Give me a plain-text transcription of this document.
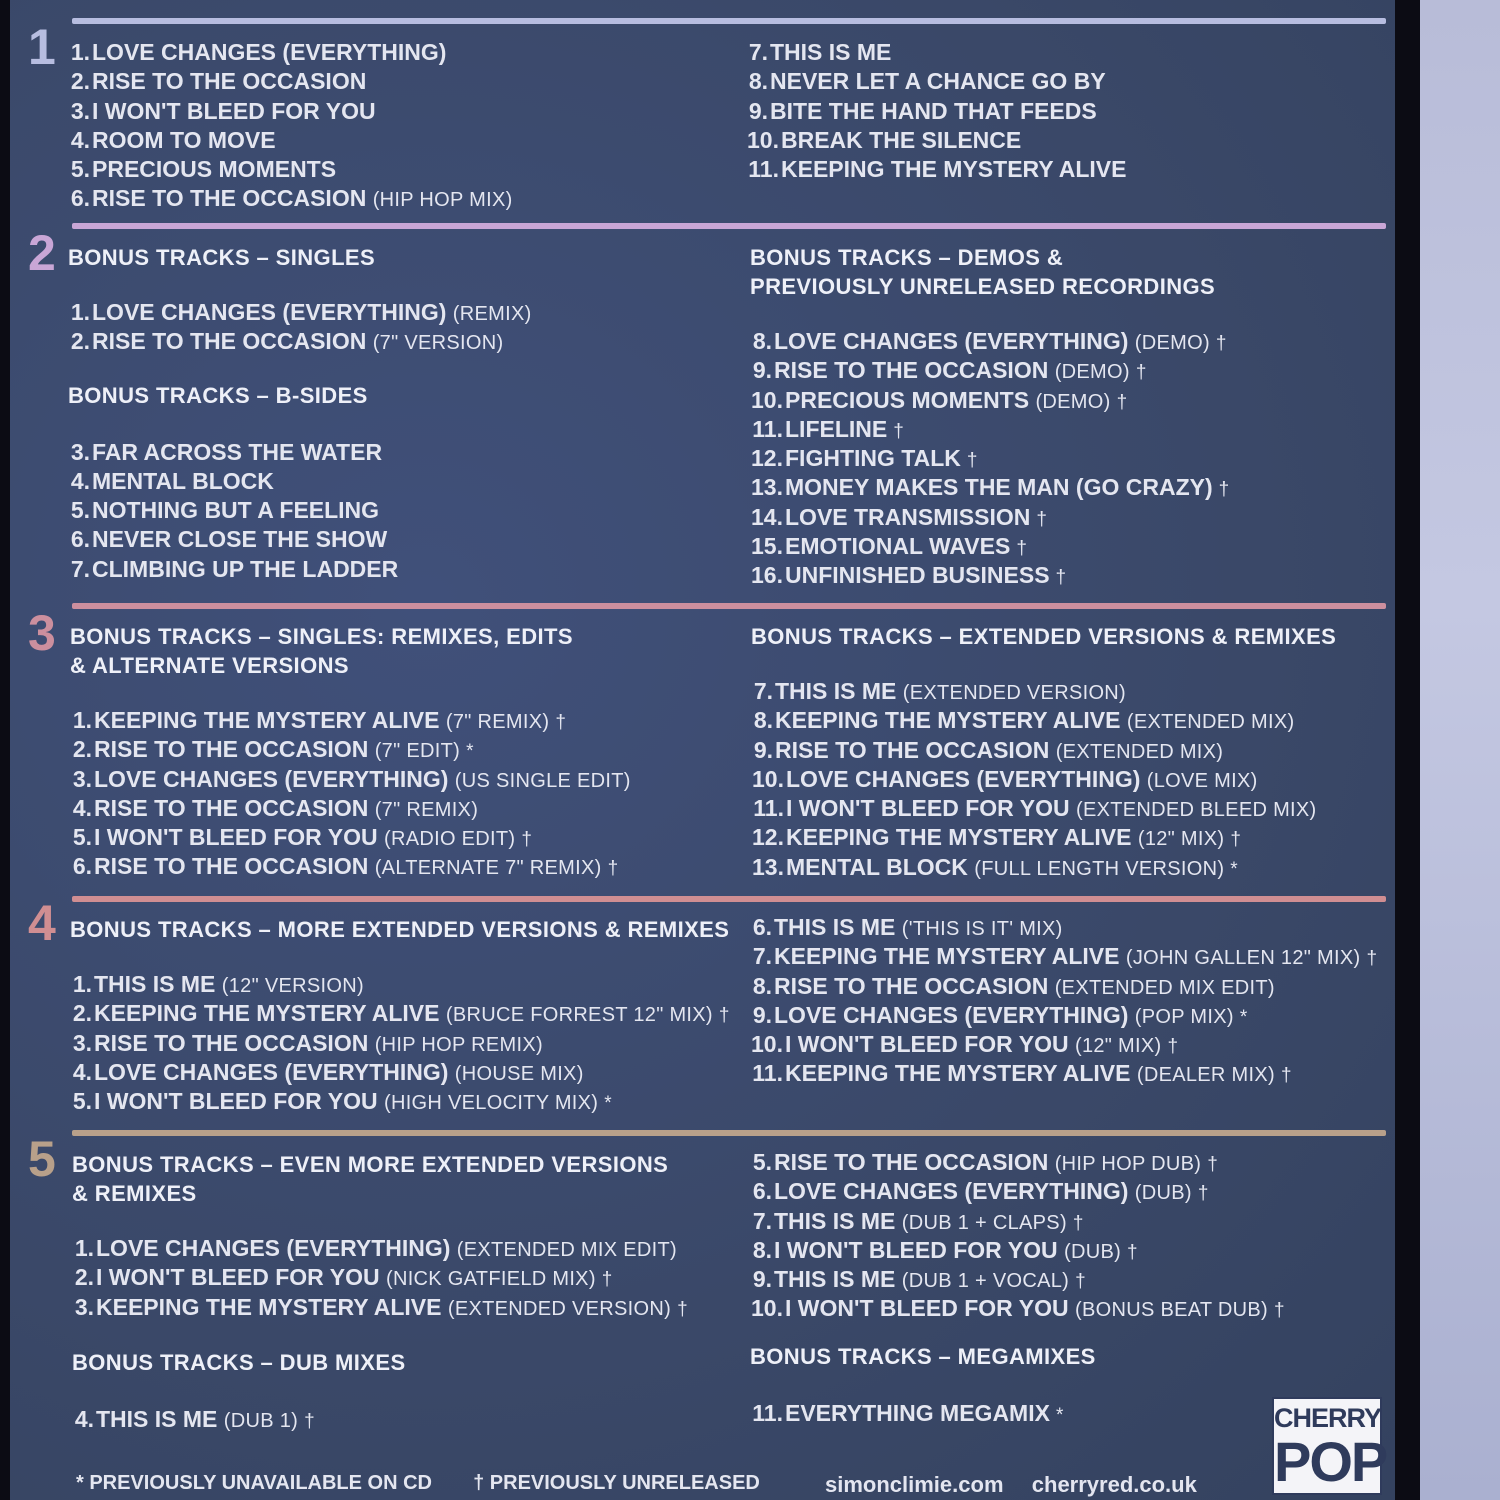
1
2
3
4
5
1.LOVE CHANGES (EVERYTHING)
2.RISE TO THE OCCASION
3.I WON'T BLEED FOR YOU
4.ROOM TO MOVE
5.PRECIOUS MOMENTS
6.RISE TO THE OCCASION (HIP HOP MIX)
7.THIS IS ME
8.NEVER LET A CHANCE GO BY
9.BITE THE HAND THAT FEEDS
10.BREAK THE SILENCE
11.KEEPING THE MYSTERY ALIVE
BONUS TRACKS – SINGLES
1.LOVE CHANGES (EVERYTHING) (REMIX)
2.RISE TO THE OCCASION (7" VERSION)
BONUS TRACKS – B-SIDES
3.FAR ACROSS THE WATER
4.MENTAL BLOCK
5.NOTHING BUT A FEELING
6.NEVER CLOSE THE SHOW
7.CLIMBING UP THE LADDER
BONUS TRACKS – DEMOS &
PREVIOUSLY UNRELEASED RECORDINGS
8.LOVE CHANGES (EVERYTHING) (DEMO) †
9.RISE TO THE OCCASION (DEMO) †
10.PRECIOUS MOMENTS (DEMO) †
11.LIFELINE †
12.FIGHTING TALK †
13.MONEY MAKES THE MAN (GO CRAZY) †
14.LOVE TRANSMISSION †
15.EMOTIONAL WAVES †
16.UNFINISHED BUSINESS †
BONUS TRACKS – SINGLES: REMIXES, EDITS
& ALTERNATE VERSIONS
1.KEEPING THE MYSTERY ALIVE (7" REMIX) †
2.RISE TO THE OCCASION (7" EDIT) *
3.LOVE CHANGES (EVERYTHING) (US SINGLE EDIT)
4.RISE TO THE OCCASION (7" REMIX)
5.I WON'T BLEED FOR YOU (RADIO EDIT) †
6.RISE TO THE OCCASION (ALTERNATE 7" REMIX) †
BONUS TRACKS – EXTENDED VERSIONS & REMIXES
7.THIS IS ME (EXTENDED VERSION)
8.KEEPING THE MYSTERY ALIVE (EXTENDED MIX)
9.RISE TO THE OCCASION (EXTENDED MIX)
10.LOVE CHANGES (EVERYTHING) (LOVE MIX)
11.I WON'T BLEED FOR YOU (EXTENDED BLEED MIX)
12.KEEPING THE MYSTERY ALIVE (12" MIX) †
13.MENTAL BLOCK (FULL LENGTH VERSION) *
BONUS TRACKS – MORE EXTENDED VERSIONS & REMIXES
1.THIS IS ME (12" VERSION)
2.KEEPING THE MYSTERY ALIVE (BRUCE FORREST 12" MIX) †
3.RISE TO THE OCCASION (HIP HOP REMIX)
4.LOVE CHANGES (EVERYTHING) (HOUSE MIX)
5.I WON'T BLEED FOR YOU (HIGH VELOCITY MIX) *
6.THIS IS ME ('THIS IS IT' MIX)
7.KEEPING THE MYSTERY ALIVE (JOHN GALLEN 12" MIX) †
8.RISE TO THE OCCASION (EXTENDED MIX EDIT)
9.LOVE CHANGES (EVERYTHING) (POP MIX) *
10.I WON'T BLEED FOR YOU (12" MIX) †
11.KEEPING THE MYSTERY ALIVE (DEALER MIX) †
BONUS TRACKS – EVEN MORE EXTENDED VERSIONS
& REMIXES
1.LOVE CHANGES (EVERYTHING) (EXTENDED MIX EDIT)
2.I WON'T BLEED FOR YOU (NICK GATFIELD MIX) †
3.KEEPING THE MYSTERY ALIVE (EXTENDED VERSION) †
BONUS TRACKS – DUB MIXES
4.THIS IS ME (DUB 1) †
5.RISE TO THE OCCASION (HIP HOP DUB) †
6.LOVE CHANGES (EVERYTHING) (DUB) †
7.THIS IS ME (DUB 1 + CLAPS) †
8.I WON'T BLEED FOR YOU (DUB) †
9.THIS IS ME (DUB 1 + VOCAL) †
10.I WON'T BLEED FOR YOU (BONUS BEAT DUB) †
BONUS TRACKS – MEGAMIXES
11.EVERYTHING MEGAMIX *
* PREVIOUSLY UNAVAILABLE ON CD † PREVIOUSLY UNRELEASED	simonclimie.com cherryred.co.uk
CHERRY
POP
